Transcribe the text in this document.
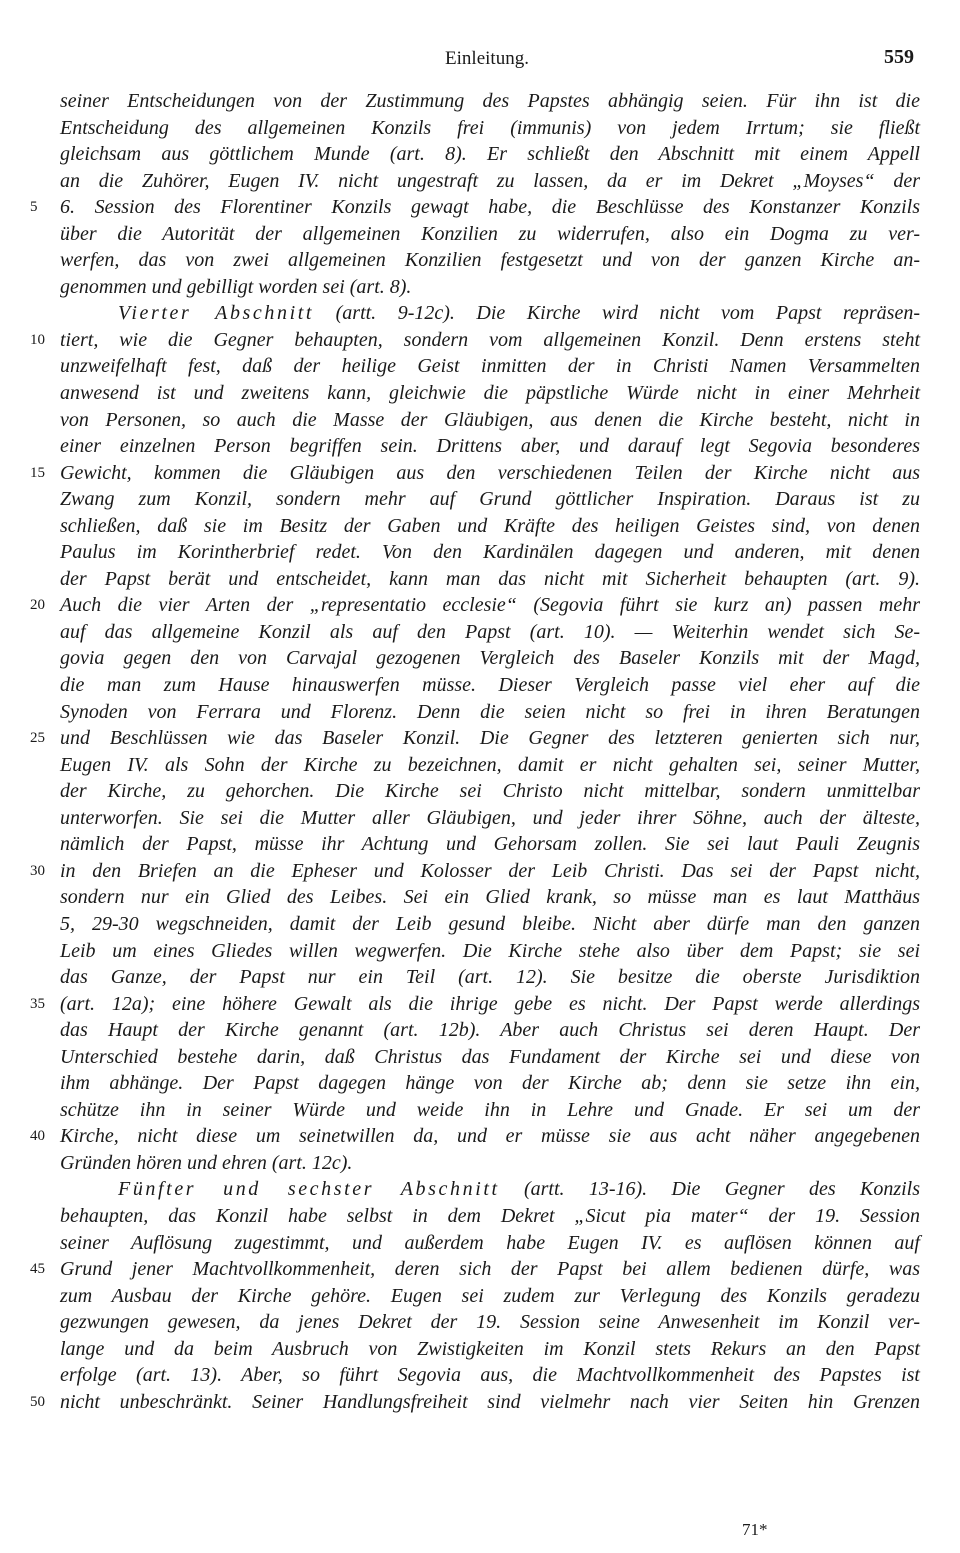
Einleitung.	559
seiner Entscheidungen von der Zustimmung des Papstes abhängig seien. Für ihn ist die
Entscheidung des allgemeinen Konzils frei (immunis) von jedem Irrtum; sie fließt
gleichsam aus göttlichem Munde (art. 8). Er schließt den Abschnitt mit einem Appell
an die Zuhörer, Eugen IV. nicht ungestraft zu lassen, da er im Dekret „Moyses“ der
5	6. Session des Florentiner Konzils gewagt habe, die Beschlüsse des Konstanzer Konzils
über die Autorität der allgemeinen Konzilien zu widerrufen, also ein Dogma zu ver-
werfen, das von zwei allgemeinen Konzilien festgesetzt und von der ganzen Kirche an-
genommen und gebilligt worden sei (art. 8).
Vierter Abschnitt (artt. 9-12c). Die Kirche wird nicht vom Papst repräsen-
10 tiert, wie die Gegner behaupten, sondern vom allgemeinen Konzil. Denn erstens steht
unzweifelhaft fest, daß der heilige Geist inmitten der in Christi Namen Versammelten
anwesend ist und zweitens kann, gleichwie die päpstliche Würde nicht in einer Mehrheit
von Personen, so auch die Masse der Gläubigen, aus denen die Kirche besteht, nicht in
einer einzelnen Person begriffen sein. Drittens aber, und darauf legt Segovia besonderes
15 Gewicht, kommen die Gläubigen aus den verschiedenen Teilen der Kirche nicht aus
Zwang zum Konzil, sondern mehr auf Grund göttlicher Inspiration. Daraus ist zu
schließen, daß sie im Besitz der Gaben und Kräfte des heiligen Geistes sind, von denen
Paulus im Korintherbrief redet. Von den Kardinälen dagegen und anderen, mit denen
der Papst berät und entscheidet, kann man das nicht mit Sicherheit behaupten (art. 9).
20 Auch die vier Arten der „representatio ecclesie“ (Segovia führt sie kurz an) passen mehr
auf das allgemeine Konzil als auf den Papst (art. 10). — Weiterhin wendet sich Se-
govia gegen den von Carvajal gezogenen Vergleich des Baseler Konzils mit der Magd,
die man zum Hause hinauswerfen müsse. Dieser Vergleich passe viel eher auf die
Synoden von Ferrara und Florenz. Denn die seien nicht so frei in ihren Beratungen
25 und Beschlüssen wie das Baseler Konzil. Die Gegner des letzteren genierten sich nur,
Eugen IV. als Sohn der Kirche zu bezeichnen, damit er nicht gehalten sei, seiner Mutter,
der Kirche, zu gehorchen. Die Kirche sei Christo nicht mittelbar, sondern unmittelbar
unterworfen. Sie sei die Mutter aller Gläubigen, und jeder ihrer Söhne, auch der älteste,
nämlich der Papst, müsse ihr Achtung und Gehorsam zollen. Sie sei laut Pauli Zeugnis
30 in den Briefen an die Epheser und Kolosser der Leib Christi. Das sei der Papst nicht,
sondern nur ein Glied des Leibes. Sei ein Glied krank, so müsse man es laut Matthäus
5, 29-30 wegschneiden, damit der Leib gesund bleibe. Nicht aber dürfe man den ganzen
Leib um eines Gliedes willen wegwerfen. Die Kirche stehe also über dem Papst; sie sei
das Ganze, der Papst nur ein Teil (art. 12). Sie besitze die oberste Jurisdiktion
35 (art. 12a); eine höhere Gewalt als die ihrige gebe es nicht. Der Papst werde allerdings
das Haupt der Kirche genannt (art. 12b). Aber auch Christus sei deren Haupt. Der
Unterschied bestehe darin, daß Christus das Fundament der Kirche sei und diese von
ihm abhänge. Der Papst dagegen hänge von der Kirche ab; denn sie setze ihn ein,
schütze ihn in seiner Würde und weide ihn in Lehre und Gnade. Er sei um der
40 Kirche, nicht diese um seinetwillen da, und er müsse sie aus acht näher angegebenen
Gründen hören und ehren (art. 12c).
Fünfter und sechster Abschnitt (artt. 13-16). Die Gegner des Konzils
behaupten, das Konzil habe selbst in dem Dekret „Sicut pia mater“ der 19. Session
seiner Auflösung zugestimmt, und außerdem habe Eugen IV. es auflösen können auf
45 Grund jener Machtvollkommenheit, deren sich der Papst bei allem bedienen dürfe, was
zum Ausbau der Kirche gehöre. Eugen sei zudem zur Verlegung des Konzils geradezu
gezwungen gewesen, da jenes Dekret der 19. Session seine Anwesenheit im Konzil ver-
lange und da beim Ausbruch von Zwistigkeiten im Konzil stets Rekurs an den Papst
erfolge (art. 13). Aber, so führt Segovia aus, die Machtvollkommenheit des Papstes ist
50 nicht unbeschränkt. Seiner Handlungsfreiheit sind vielmehr nach vier Seiten hin Grenzen
71*
